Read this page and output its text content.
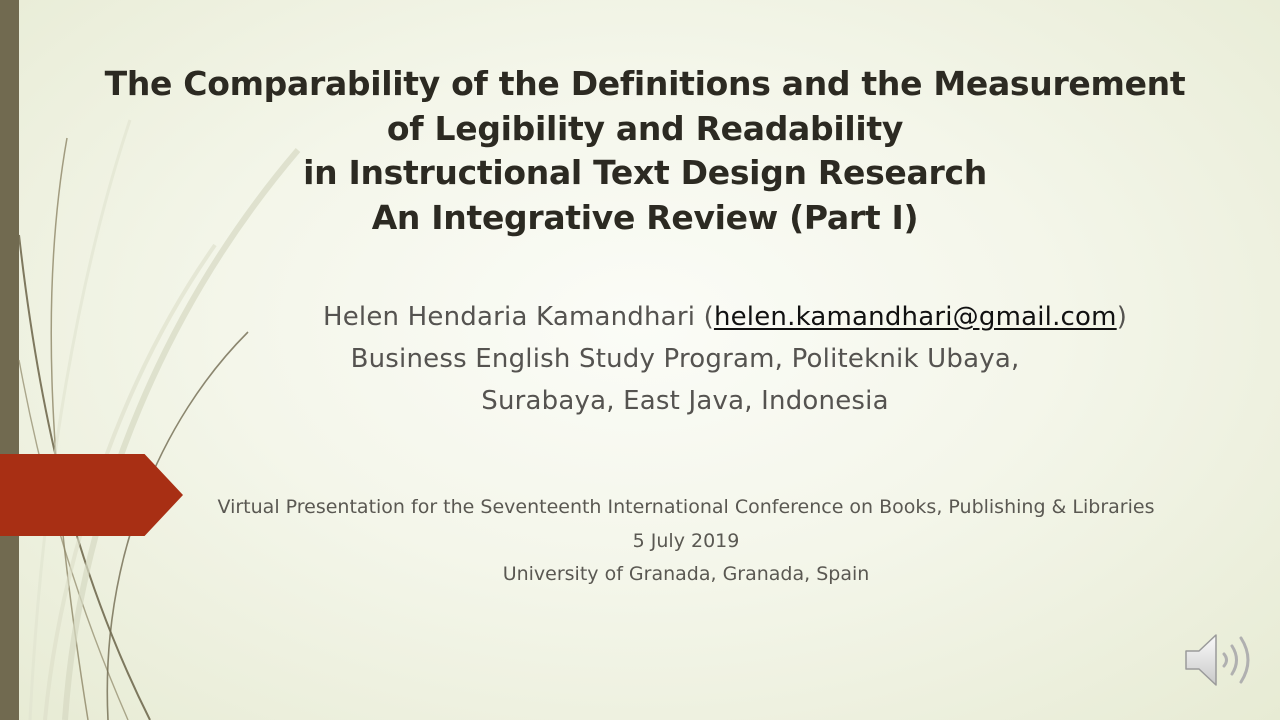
The Comparability of the Definitions and the Measurement
of Legibility and Readability
in Instructional Text Design Research
An Integrative Review (Part I)
Helen Hendaria Kamandhari (helen.kamandhari@gmail.com)
Business English Study Program, Politeknik Ubaya,
Surabaya, East Java, Indonesia
Virtual Presentation for the Seventeenth International Conference on Books, Publishing & Libraries
5 July 2019
University of Granada, Granada, Spain
